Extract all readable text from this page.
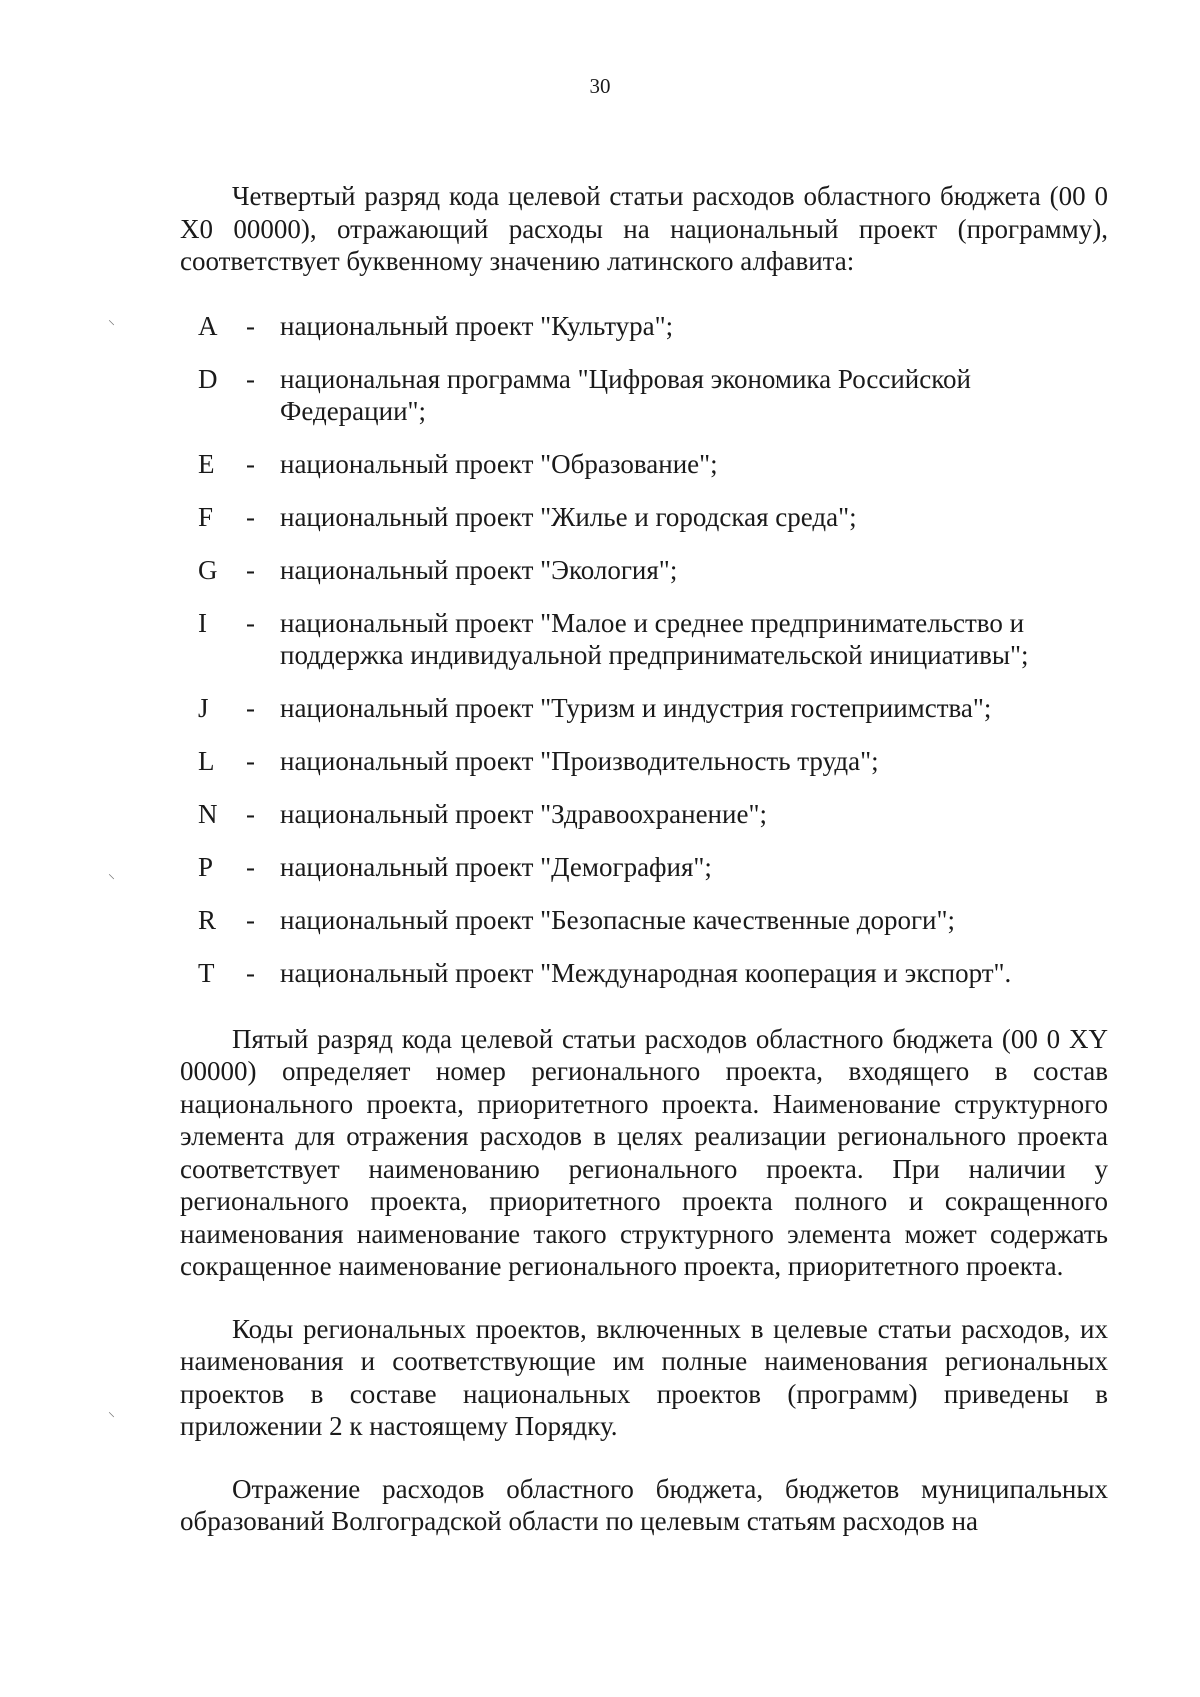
30

Четвертый разряд кода целевой статьи расходов областного бюджета (00 0 X0 00000), отражающий расходы на национальный проект (программу), соответствует буквенному значению латинского алфавита:

A	- национальный проект "Культура";
D	- национальная программа "Цифровая экономика Российской Федерации";
E	- национальный проект "Образование";
F	- национальный проект "Жилье и городская среда";
G	- национальный проект "Экология";
I	- национальный проект "Малое и среднее предпринимательство и поддержка индивидуальной предпринимательской инициативы";
J	- национальный проект "Туризм и индустрия гостеприимства";
L	- национальный проект "Производительность труда";
N	- национальный проект "Здравоохранение";
P	- национальный проект "Демография";
R	- национальный проект "Безопасные качественные дороги";
T	- национальный проект "Международная кооперация и экспорт".

Пятый разряд кода целевой статьи расходов областного бюджета (00 0 XY 00000) определяет номер регионального проекта, входящего в состав национального проекта, приоритетного проекта. Наименование структурного элемента для отражения расходов в целях реализации регионального проекта соответствует наименованию регионального проекта. При наличии у регионального проекта, приоритетного проекта полного и сокращенного наименования наименование такого структурного элемента может содержать сокращенное наименование регионального проекта, приоритетного проекта.

Коды региональных проектов, включенных в целевые статьи расходов, их наименования и соответствующие им полные наименования региональных проектов в составе национальных проектов (программ) приведены в приложении 2 к настоящему Порядку.

Отражение расходов областного бюджета, бюджетов муниципальных образований Волгоградской области по целевым статьям расходов на

⸌
⸌
⸌
